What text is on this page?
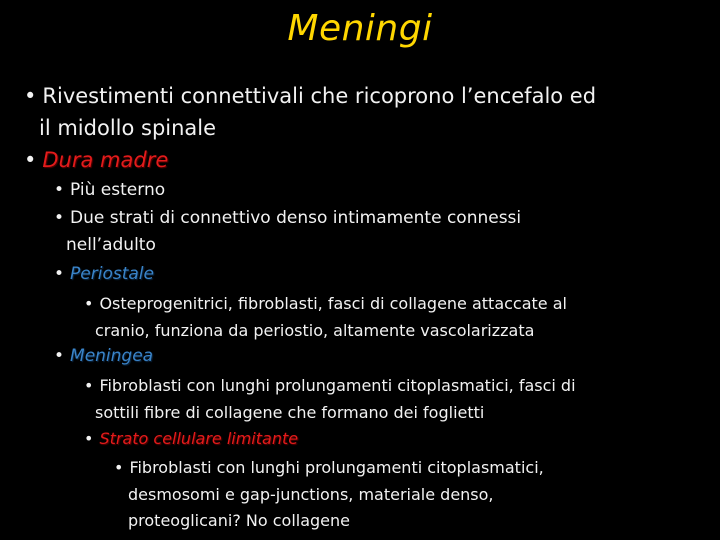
Meningi
• Rivestimenti connettivali che ricoprono l’encefalo ed
il midollo spinale
• Dura madre
• Più esterno
• Due strati di connettivo denso intimamente connessi
nell’adulto
• Periostale
• Osteprogenitrici, fibroblasti, fasci di collagene attaccate al
cranio, funziona da periostio, altamente vascolarizzata
• Meningea
• Fibroblasti con lunghi prolungamenti citoplasmatici, fasci di
sottili fibre di collagene che formano dei foglietti
• Strato cellulare limitante
• Fibroblasti con lunghi prolungamenti citoplasmatici,
desmosomi e gap-junctions, materiale denso,
proteoglicani? No collagene
